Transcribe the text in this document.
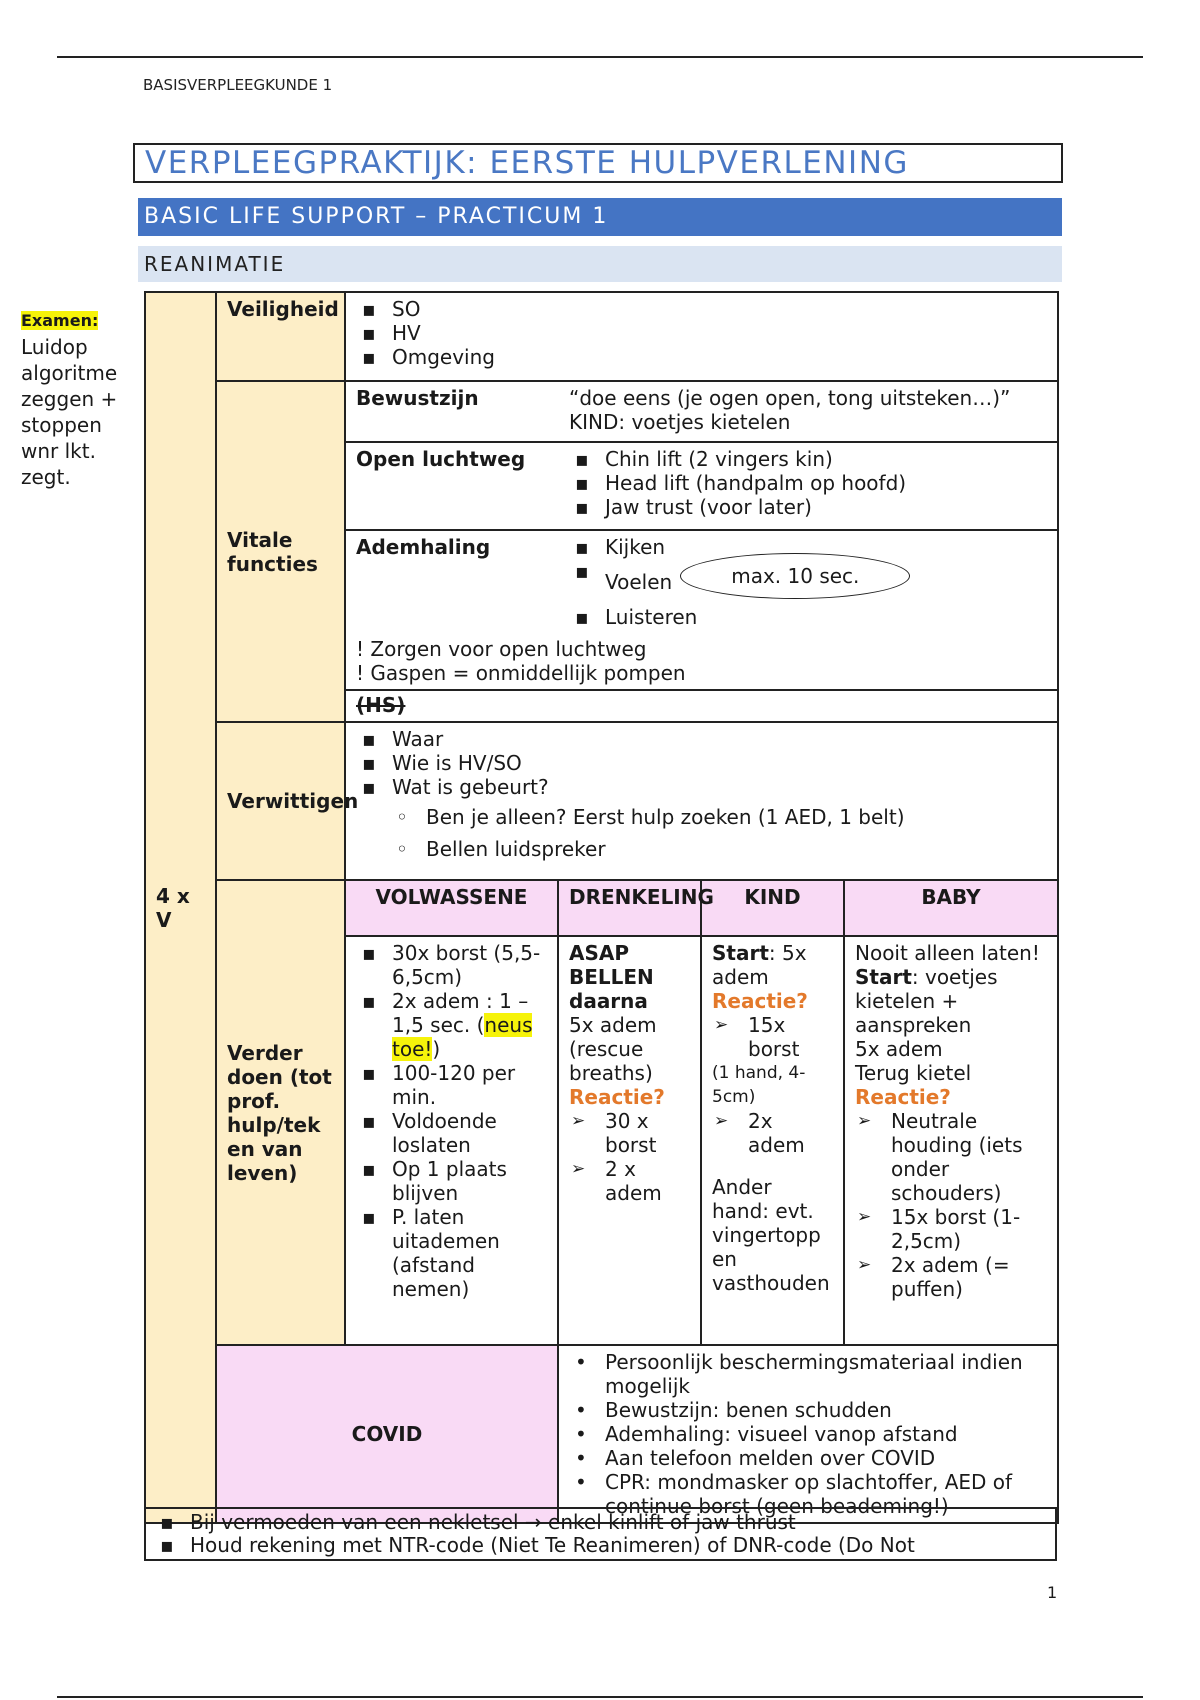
BASISVERPLEEGKUNDE 1
VERPLEEGPRAKTIJK: EERSTE HULPVERLENING
BASIC LIFE SUPPORT – PRACTICUM 1
REANIMATIE
Examen:
Luidop algoritme zeggen + stoppen wnr lkt. zegt.
4 x V	Veiligheid	
▪SO
▪ HV
▪ Omgeving

Vitale functies	
Bewustzijn	“doe eens (je ogen open, tong uitsteken…)”
KIND: voetjes kietelen

Open luchtweg	
▪Chin lift (2 vingers kin)
▪ Head lift (handpalm op hoofd)
▪ Jaw trust (voor later)

Ademhaling	
▪Kijken
▪ Voelen	max. 10 sec.
▪ Luisteren
! Zorgen voor open luchtweg
! Gaspen = onmiddellijk pompen

(HS)
Verwittigen	
▪ Waar
▪ Wie is HV/SO
▪ Wat is gebeurt?
◦ Ben je alleen? Eerst hulp zoeken (1 AED, 1 belt)
◦ Bellen luidspreker

Verder doen (tot prof. hulp/tek en van leven)	VOLWASSENE	DRENKELING	KIND	BABY

▪ 30x borst (5,5-6,5cm)
▪ 2x adem : 1 – 1,5 sec. (neus toe!)
▪ 100-120 per min.
▪ Voldoende loslaten
▪ Op 1 plaats blijven
▪ P. laten uitademen (afstand nemen)

ASAP BELLEN daarna
5x adem (rescue breaths)
Reactie?
➢ 30 x borst
➢ 2 x adem

Start: 5x adem
Reactie?
➢ 15x borst
(1 hand, 4-5cm)
➢ 2x adem
Ander hand: evt. vingertopp en vasthouden

Nooit alleen laten!
Start: voetjes kietelen + aanspreken
5x adem
Terug kietel
Reactie?
➢ Neutrale houding (iets onder schouders)
➢ 15x borst (1-2,5cm)
➢ 2x adem (= puffen)

COVID	
• Persoonlijk beschermingsmateriaal indien mogelijk
• Bewustzijn: benen schudden
• Ademhaling: visueel vanop afstand
• Aan telefoon melden over COVID
• CPR: mondmasker op slachtoffer, AED of continue borst (geen beademing!)
▪ Bij vermoeden van een nekletsel → enkel kinlift of jaw thrust
▪ Houd rekening met NTR-code (Niet Te Reanimeren) of DNR-code (Do Not
1
